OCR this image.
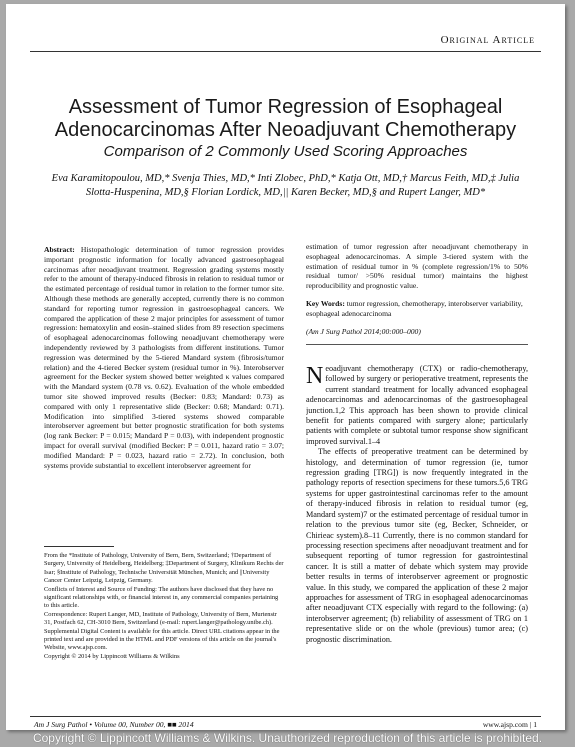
Original Article
Assessment of Tumor Regression of Esophageal Adenocarcinomas After Neoadjuvant Chemotherapy
Comparison of 2 Commonly Used Scoring Approaches
Eva Karamitopoulou, MD,* Svenja Thies, MD,* Inti Zlobec, PhD,* Katja Ott, MD,† Marcus Feith, MD,‡ Julia Slotta-Huspenina, MD,§ Florian Lordick, MD,|| Karen Becker, MD,§ and Rupert Langer, MD*
Abstract: Histopathologic determination of tumor regression provides important prognostic information for locally advanced gastroesophageal carcinomas after neoadjuvant treatment. Regression grading systems mostly refer to the amount of therapy-induced fibrosis in relation to residual tumor or the estimated percentage of residual tumor in relation to the former tumor site. Although these methods are generally accepted, currently there is no common standard for reporting tumor regression in gastroesophageal cancers. We compared the application of these 2 major principles for assessment of tumor regression: hematoxylin and eosin–stained slides from 89 resection specimens of esophageal adenocarcinomas following neoadjuvant chemotherapy were independently reviewed by 3 pathologists from different institutions. Tumor regression was determined by the 5-tiered Mandard system (fibrosis/tumor relation) and the 4-tiered Becker system (residual tumor in %). Interobserver agreement for the Becker system showed better weighted κ values compared with the Mandard system (0.78 vs. 0.62). Evaluation of the whole embedded tumor site showed improved results (Becker: 0.83; Mandard: 0.73) as compared with only 1 representative slide (Becker: 0.68; Mandard: 0.71). Modification into simplified 3-tiered systems showed comparable interobserver agreement but better prognostic stratification for both systems (log rank Becker: P = 0.015; Mandard P = 0.03), with independent prognostic impact for overall survival (modified Becker: P = 0.011, hazard ratio = 3.07; modified Mandard: P = 0.023, hazard ratio = 2.72). In conclusion, both systems provide substantial to excellent interobserver agreement for

From the *Institute of Pathology, University of Bern, Bern, Switzerland; †Department of Surgery, University of Heidelberg, Heidelberg; ‡Department of Surgery, Klinikum Rechts der Isar; §Institute of Pathology, Technische Universität München, Munich; and ||University Cancer Center Leipzig, Leipzig, Germany.

Conflicts of Interest and Source of Funding: The authors have disclosed that they have no significant relationships with, or financial interest in, any commercial companies pertaining to this article.

Correspondence: Rupert Langer, MD, Institute of Pathology, University of Bern, Murtenstr 31, Postfach 62, CH-3010 Bern, Switzerland (e-mail: rupert.langer@pathology.unibe.ch).

Supplemental Digital Content is available for this article. Direct URL citations appear in the printed text and are provided in the HTML and PDF versions of this article on the journal's Website, www.ajsp.com.

Copyright © 2014 by Lippincott Williams & Wilkins

estimation of tumor regression after neoadjuvant chemotherapy in esophageal adenocarcinomas. A simple 3-tiered system with the estimation of residual tumor in % (complete regression/1% to 50% residual tumor/ >50% residual tumor) maintains the highest reproducibility and prognostic value.
Key Words: tumor regression, chemotherapy, interobserver variability, esophageal adenocarcinoma
(Am J Surg Pathol 2014;00:000–000)

Neoadjuvant chemotherapy (CTX) or radio-chemotherapy, followed by surgery or perioperative treatment, represents the current standard treatment for locally advanced esophageal adenocarcinomas and adenocarcinomas of the gastroesophageal junction.1,2 This approach has been shown to provide clinical benefit for patients compared with surgery alone; particularly patients with complete or subtotal tumor response show significant improved survival.1–4

The effects of preoperative treatment can be determined by histology, and determination of tumor regression (ie, tumor regression grading [TRG]) is now frequently integrated in the pathology reports of resection specimens for these tumors.5,6 TRG systems for upper gastrointestinal carcinomas refer to the amount of therapy-induced fibrosis in relation to residual tumor (eg, Mandard system)7 or the estimated percentage of residual tumor in relation to the previous tumor site (eg, Becker, Schneider, or Chirieac system).8–11 Currently, there is no common standard for processing resection specimens after neoadjuvant treatment and for subsequent reporting of tumor regression for gastrointestinal cancer. It is still a matter of debate which system may provide better results in terms of interobserver agreement or prognostic value. In this study, we compared the application of these 2 major approaches for assessment of TRG in esophageal adenocarcinomas after neoadjuvant CTX especially with regard to the following: (a) interobserver agreement; (b) reliability of assessment of TRG on 1 representative slide or on the whole (previous) tumor area; (c) prognostic discrimination.

Am J Surg Pathol • Volume 00, Number 00, ■■ 2014	www.ajsp.com | 1
Copyright © Lippincott Williams & Wilkins. Unauthorized reproduction of this article is prohibited.
